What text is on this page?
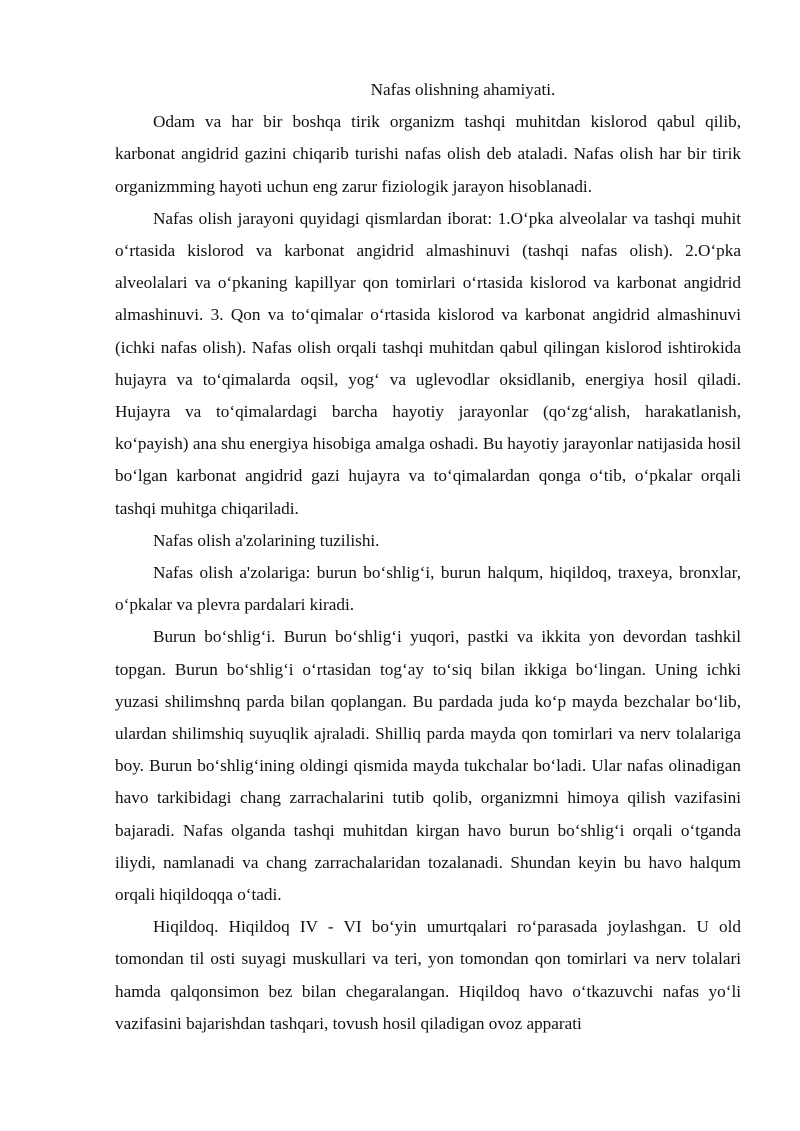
Nafas olishning ahamiyati.

Odam va har bir boshqa tirik organizm tashqi muhitdan kislorod qabul qilib, karbonat angidrid gazini chiqarib turishi nafas olish deb ataladi. Nafas olish har bir tirik organizmming hayoti uchun eng zarur fiziologik jarayon hisoblanadi.

Nafas olish jarayoni quyidagi qismlardan iborat: 1.O‘pka alveolalar va tashqi muhit o‘rtasida kislorod va karbonat angidrid almashinuvi (tashqi nafas olish). 2.O‘pka alveolalari va o‘pkaning kapillyar qon tomirlari o‘rtasida kislorod va karbonat angidrid almashinuvi. 3. Qon va to‘qimalar o‘rtasida kislorod va karbonat angidrid almashinuvi (ichki nafas olish). Nafas olish orqali tashqi muhitdan qabul qilingan kislorod ishtirokida hujayra va to‘qimalarda oqsil, yog‘ va uglevodlar oksidlanib, energiya hosil qiladi. Hujayra va to‘qimalardagi barcha hayotiy jarayonlar (qo‘zg‘alish, harakatlanish, ko‘payish) ana shu energiya hisobiga amalga oshadi. Bu hayotiy jarayonlar natijasida hosil bo‘lgan karbonat angidrid gazi hujayra va to‘qimalardan qonga o‘tib, o‘pkalar orqali tashqi muhitga chiqariladi.

Nafas olish a'zolarining tuzilishi.

Nafas olish a'zolariga: burun bo‘shlig‘i, burun halqum, hiqildoq, traxeya, bronxlar, o‘pkalar va plevra pardalari kiradi.

Burun bo‘shlig‘i. Burun bo‘shlig‘i yuqori, pastki va ikkita yon devordan tashkil topgan. Burun bo‘shlig‘i o‘rtasidan tog‘ay to‘siq bilan ikkiga bo‘lingan. Uning ichki yuzasi shilimshnq parda bilan qoplangan. Bu pardada juda ko‘p mayda bezchalar bo‘lib, ulardan shilimshiq suyuqlik ajraladi. Shilliq parda mayda qon tomirlari va nerv tolalariga boy. Burun bo‘shlig‘ining oldingi qismida mayda tukchalar bo‘ladi. Ular nafas olinadigan havo tarkibidagi chang zarrachalarini tutib qolib, organizmni himoya qilish vazifasini bajaradi. Nafas olganda tashqi muhitdan kirgan havo burun bo‘shlig‘i orqali o‘tganda iliydi, namlanadi va chang zarrachalaridan tozalanadi. Shundan keyin bu havo halqum orqali hiqildoqqa o‘tadi.

Hiqildoq. Hiqildoq IV - VI bo‘yin umurtqalari ro‘parasada joylashgan. U old tomondan til osti suyagi muskullari va teri, yon tomondan qon tomirlari va nerv tolalari hamda qalqonsimon bez bilan chegaralangan. Hiqildoq havo o‘tkazuvchi nafas yo‘li vazifasini bajarishdan tashqari, tovush hosil qiladigan ovoz apparati
